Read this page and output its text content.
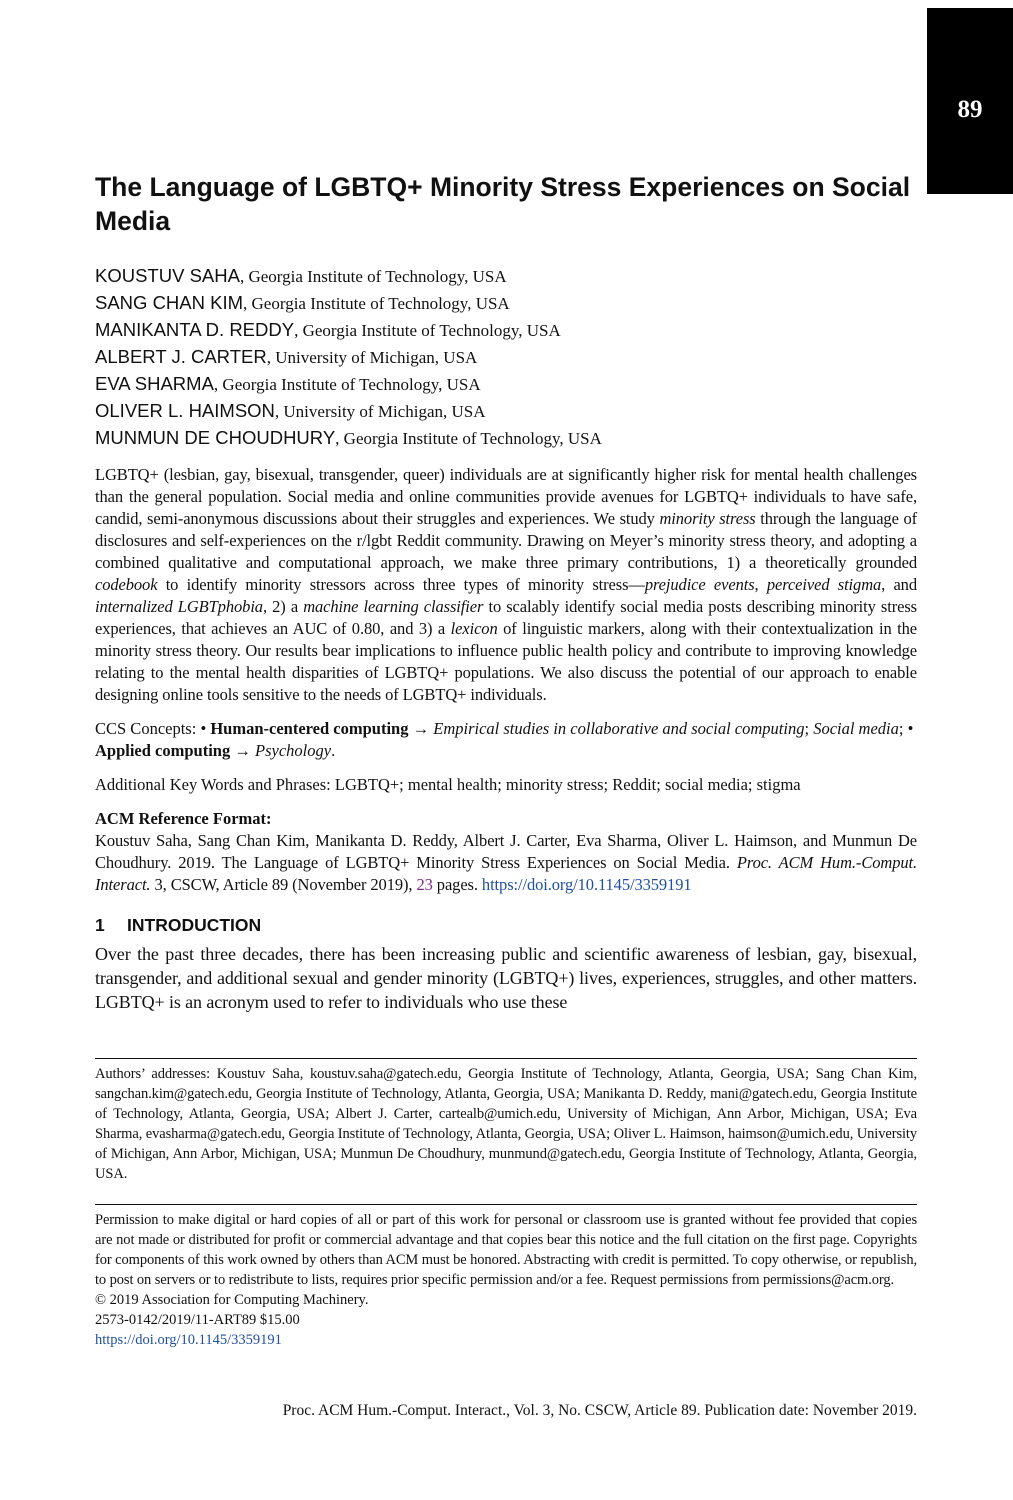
89
The Language of LGBTQ+ Minority Stress Experiences on Social Media
KOUSTUV SAHA, Georgia Institute of Technology, USA
SANG CHAN KIM, Georgia Institute of Technology, USA
MANIKANTA D. REDDY, Georgia Institute of Technology, USA
ALBERT J. CARTER, University of Michigan, USA
EVA SHARMA, Georgia Institute of Technology, USA
OLIVER L. HAIMSON, University of Michigan, USA
MUNMUN DE CHOUDHURY, Georgia Institute of Technology, USA

LGBTQ+ (lesbian, gay, bisexual, transgender, queer) individuals are at significantly higher risk for mental health challenges than the general population. Social media and online communities provide avenues for LGBTQ+ individuals to have safe, candid, semi-anonymous discussions about their struggles and experiences. We study minority stress through the language of disclosures and self-experiences on the r/lgbt Reddit community. Drawing on Meyer’s minority stress theory, and adopting a combined qualitative and computational approach, we make three primary contributions, 1) a theoretically grounded codebook to identify minority stressors across three types of minority stress—prejudice events, perceived stigma, and internalized LGBTphobia, 2) a machine learning classifier to scalably identify social media posts describing minority stress experiences, that achieves an AUC of 0.80, and 3) a lexicon of linguistic markers, along with their contextualization in the minority stress theory. Our results bear implications to influence public health policy and contribute to improving knowledge relating to the mental health disparities of LGBTQ+ populations. We also discuss the potential of our approach to enable designing online tools sensitive to the needs of LGBTQ+ individuals.

CCS Concepts: • Human-centered computing → Empirical studies in collaborative and social computing; Social media; • Applied computing → Psychology.

Additional Key Words and Phrases: LGBTQ+; mental health; minority stress; Reddit; social media; stigma

ACM Reference Format:

Koustuv Saha, Sang Chan Kim, Manikanta D. Reddy, Albert J. Carter, Eva Sharma, Oliver L. Haimson, and Munmun De Choudhury. 2019. The Language of LGBTQ+ Minority Stress Experiences on Social Media. Proc. ACM Hum.-Comput. Interact. 3, CSCW, Article 89 (November 2019), 23 pages. https://doi.org/10.1145/3359191

1 INTRODUCTION

Over the past three decades, there has been increasing public and scientific awareness of lesbian, gay, bisexual, transgender, and additional sexual and gender minority (LGBTQ+) lives, experiences, struggles, and other matters. LGBTQ+ is an acronym used to refer to individuals who use these

Authors’ addresses: Koustuv Saha, koustuv.saha@gatech.edu, Georgia Institute of Technology, Atlanta, Georgia, USA; Sang Chan Kim, sangchan.kim@gatech.edu, Georgia Institute of Technology, Atlanta, Georgia, USA; Manikanta D. Reddy, mani@gatech.edu, Georgia Institute of Technology, Atlanta, Georgia, USA; Albert J. Carter, cartealb@umich.edu, University of Michigan, Ann Arbor, Michigan, USA; Eva Sharma, evasharma@gatech.edu, Georgia Institute of Technology, Atlanta, Georgia, USA; Oliver L. Haimson, haimson@umich.edu, University of Michigan, Ann Arbor, Michigan, USA; Munmun De Choudhury, munmund@gatech.edu, Georgia Institute of Technology, Atlanta, Georgia, USA.

Permission to make digital or hard copies of all or part of this work for personal or classroom use is granted without fee provided that copies are not made or distributed for profit or commercial advantage and that copies bear this notice and the full citation on the first page. Copyrights for components of this work owned by others than ACM must be honored. Abstracting with credit is permitted. To copy otherwise, or republish, to post on servers or to redistribute to lists, requires prior specific permission and/or a fee. Request permissions from permissions@acm.org.

© 2019 Association for Computing Machinery.
2573-0142/2019/11-ART89 $15.00
https://doi.org/10.1145/3359191
Proc. ACM Hum.-Comput. Interact., Vol. 3, No. CSCW, Article 89. Publication date: November 2019.
